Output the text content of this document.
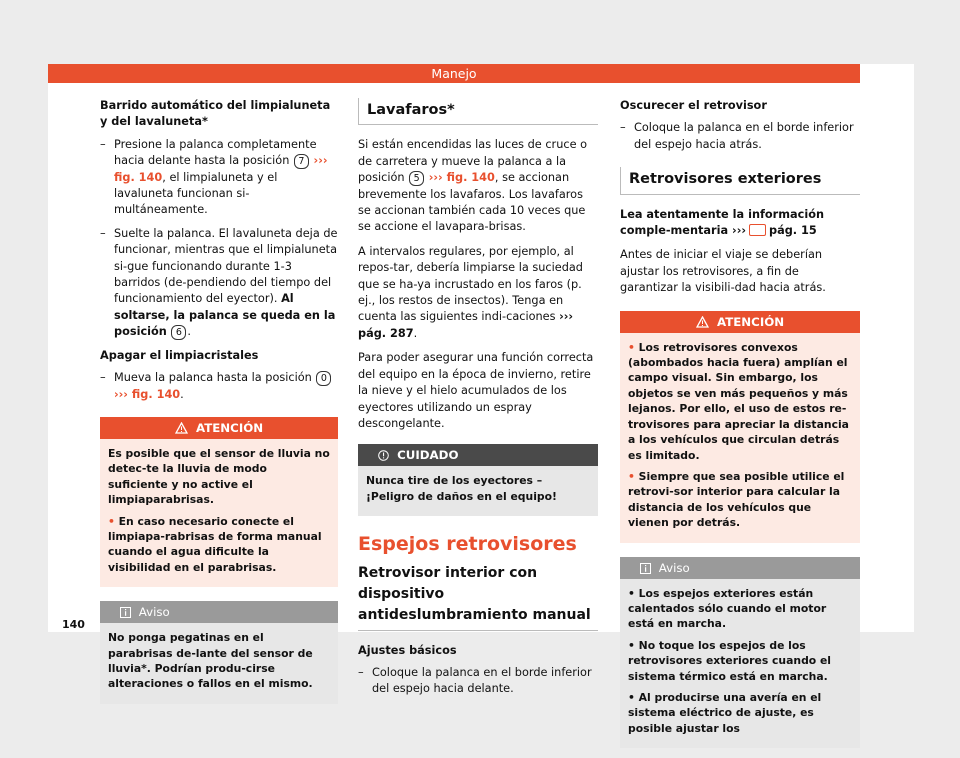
Manejo

Barrido automático del limpialuneta y del lavaluneta*

– Presione la palanca completamente hacia delante hasta la posición 7 ››› fig. 140, el limpialuneta y el lavaluneta funcionan si-multáneamente.
– Suelte la palanca. El lavaluneta deja de funcionar, mientras que el limpialuneta si-gue funcionando durante 1-3 barridos (de-pendiendo del tiempo del funcionamiento del eyector). Al soltarse, la palanca se queda en la posición 6 .

Apagar el limpiacristales

– Mueva la palanca hasta la posición 0 ››› fig. 140.
ATENCIÓN

Es posible que el sensor de lluvia no detec-te la lluvia de modo suficiente y no active el limpiaparabrisas.

• En caso necesario conecte el limpiapa-rabrisas de forma manual cuando el agua dificulte la visibilidad en el parabrisas.

Aviso

No ponga pegatinas en el parabrisas de-lante del sensor de lluvia*. Podrían produ-cirse alteraciones o fallos en el mismo.

Lavafaros*

Si están encendidas las luces de cruce o de carretera y mueve la palanca a la posición 5 ››› fig. 140, se accionan brevemente los lavafaros. Los lavafaros se accionan también cada 10 veces que se accione el lavapara-brisas.

A intervalos regulares, por ejemplo, al repos-tar, debería limpiarse la suciedad que se ha-ya incrustado en los faros (p. ej., los restos de insectos). Tenga en cuenta las siguientes indi-caciones ››› pág. 287.

Para poder asegurar una función correcta del equipo en la época de invierno, retire la nieve y el hielo acumulados de los eyectores utilizando un espray descongelante.

CUIDADO

Nunca tire de los eyectores – ¡Peligro de daños en el equipo!

Espejos retrovisores
Retrovisor interior con dispositivo antideslumbramiento manual

Ajustes básicos

– Coloque la palanca en el borde inferior del espejo hacia delante.

Oscurecer el retrovisor

– Coloque la palanca en el borde inferior del espejo hacia atrás.
Retrovisores exteriores

Lea atentamente la información comple-mentaria ››› pág. 15

Antes de iniciar el viaje se deberían ajustar los retrovisores, a fin de garantizar la visibili-dad hacia atrás.

ATENCIÓN

• Los retrovisores convexos (abombados hacia fuera) amplían el campo visual. Sin embargo, los objetos se ven más pequeños y más lejanos. Por ello, el uso de estos re-trovisores para apreciar la distancia a los vehículos que circulan detrás es limitado.

• Siempre que sea posible utilice el retrovi-sor interior para calcular la distancia de los vehículos que vienen por detrás.

Aviso

• Los espejos exteriores están calentados sólo cuando el motor está en marcha.

• No toque los espejos de los retrovisores exteriores cuando el sistema térmico está en marcha.

• Al producirse una avería en el sistema eléctrico de ajuste, es posible ajustar los

140
